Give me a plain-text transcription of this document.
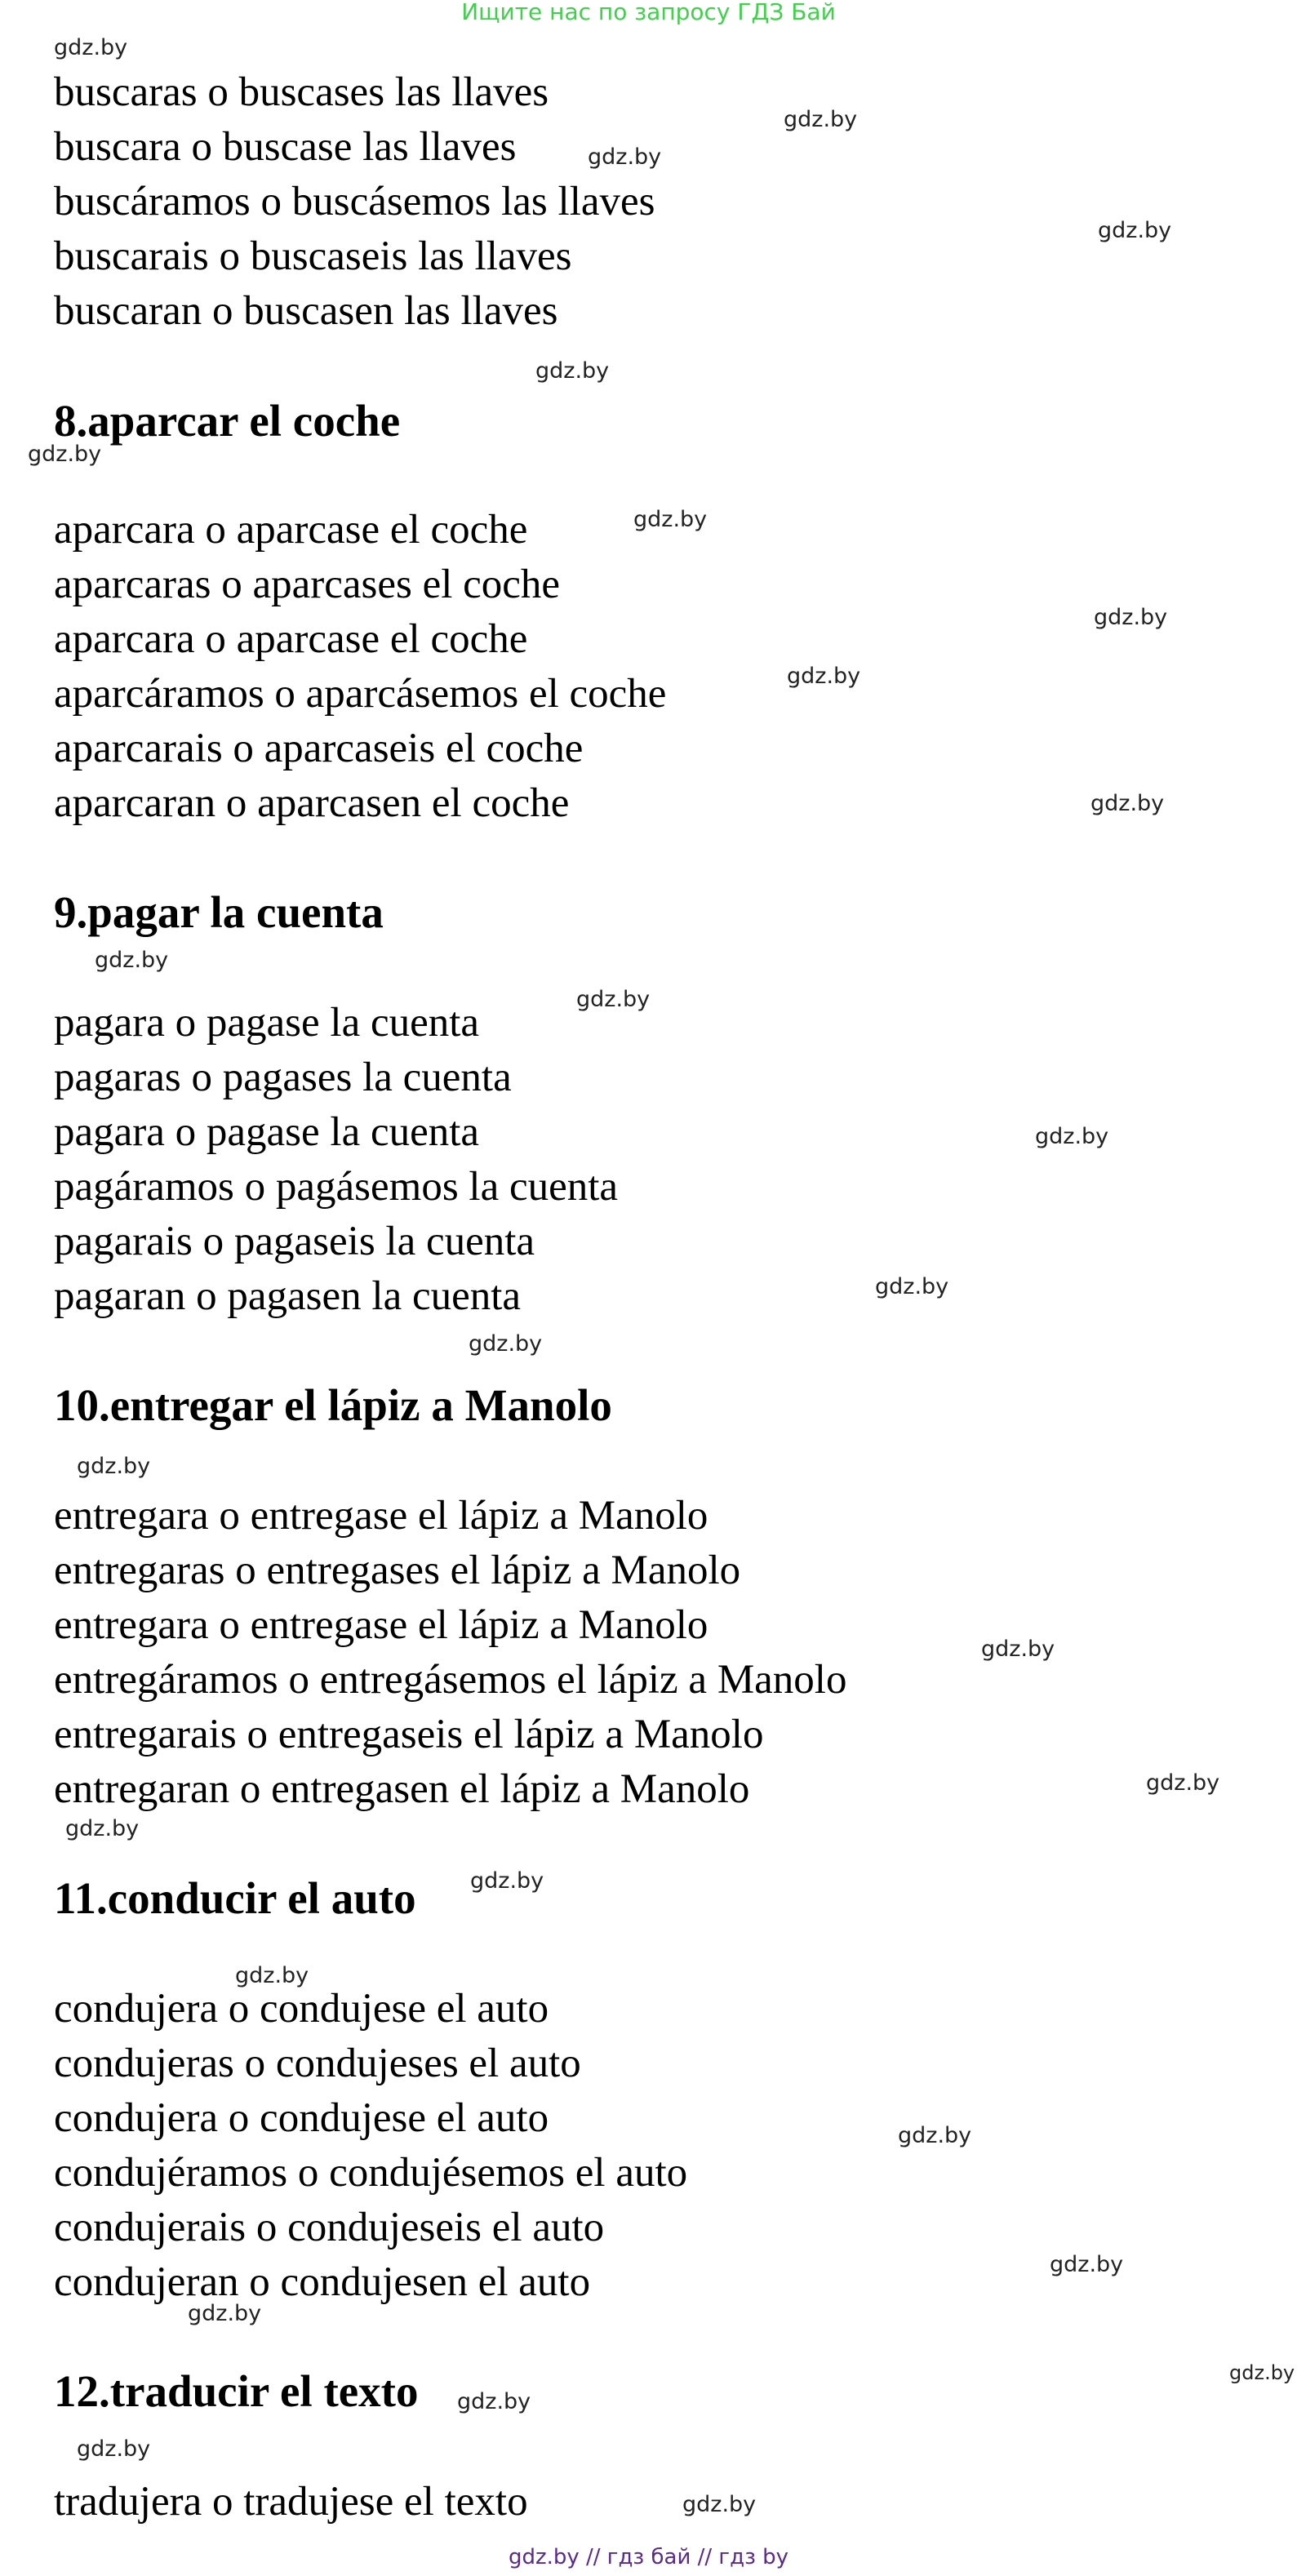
Ищите нас по запросу ГДЗ Бай
buscaras o buscases las llaves
buscara o buscase las llaves
buscáramos o buscásemos las llaves
buscarais o buscaseis las llaves
buscaran o buscasen las llaves
8.aparcar el coche
aparcara o aparcase el coche
aparcaras o aparcases el coche
aparcara o aparcase el coche
aparcáramos o aparcásemos el coche
aparcarais o aparcaseis el coche
aparcaran o aparcasen el coche
9.pagar la cuenta
pagara o pagase la cuenta
pagaras o pagases la cuenta
pagara o pagase la cuenta
pagáramos o pagásemos la cuenta
pagarais o pagaseis la cuenta
pagaran o pagasen la cuenta
10.entregar el lápiz a Manolo
entregara o entregase el lápiz a Manolo
entregaras o entregases el lápiz a Manolo
entregara o entregase el lápiz a Manolo
entregáramos o entregásemos el lápiz a Manolo
entregarais o entregaseis el lápiz a Manolo
entregaran o entregasen el lápiz a Manolo
11.conducir el auto
condujera o condujese el auto
condujeras o condujeses el auto
condujera o condujese el auto
condujéramos o condujésemos el auto
condujerais o condujeseis el auto
condujeran o condujesen el auto
12.traducir el texto
tradujera o tradujese el texto
gdz.by
gdz.by
gdz.by
gdz.by
gdz.by
gdz.by
gdz.by
gdz.by
gdz.by
gdz.by
gdz.by
gdz.by
gdz.by
gdz.by
gdz.by
gdz.by
gdz.by
gdz.by
gdz.by
gdz.by
gdz.by
gdz.by
gdz.by
gdz.by
gdz.by
gdz.by
gdz.by
gdz.by
gdz.by // гдз бай // гдз by
